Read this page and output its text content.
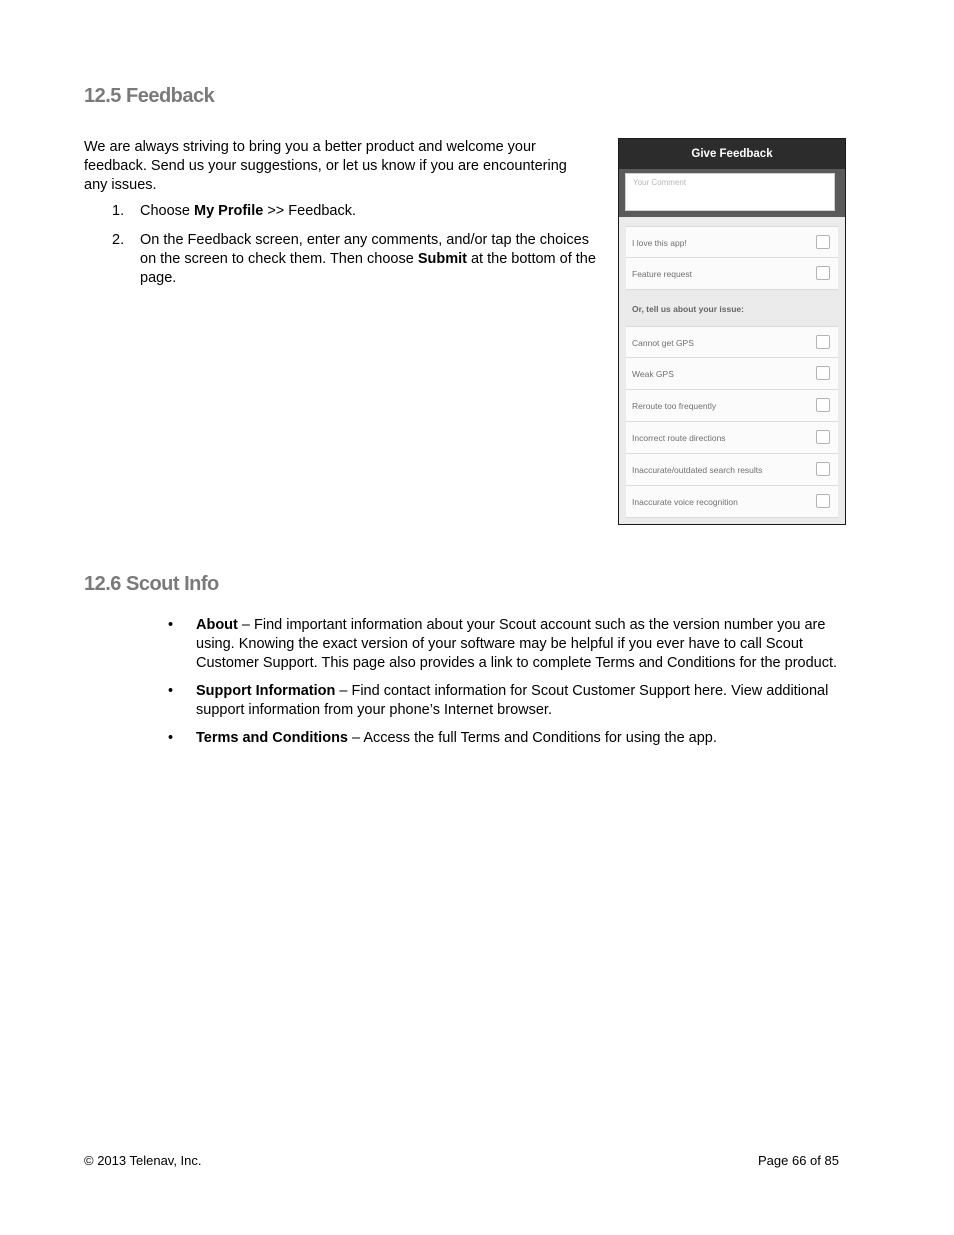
12.5 Feedback
We are always striving to bring you a better product and welcome your feedback. Send us your suggestions, or let us know if you are encountering any issues.
1. Choose My Profile >> Feedback.
2. On the Feedback screen, enter any comments, and/or tap the choices on the screen to check them. Then choose Submit at the bottom of the page.
Give Feedback
Your Comment
I love this app!
Feature request
Or, tell us about your issue:
Cannot get GPS
Weak GPS
Reroute too frequently
Incorrect route directions
Inaccurate/outdated search results
Inaccurate voice recognition
12.6 Scout Info
• About – Find important information about your Scout account such as the version number you are using. Knowing the exact version of your software may be helpful if you ever have to call Scout Customer Support. This page also provides a link to complete Terms and Conditions for the product.
• Support Information – Find contact information for Scout Customer Support here. View additional support information from your phone’s Internet browser.
• Terms and Conditions – Access the full Terms and Conditions for using the app.
© 2013 Telenav, Inc.	Page 66 of 85
